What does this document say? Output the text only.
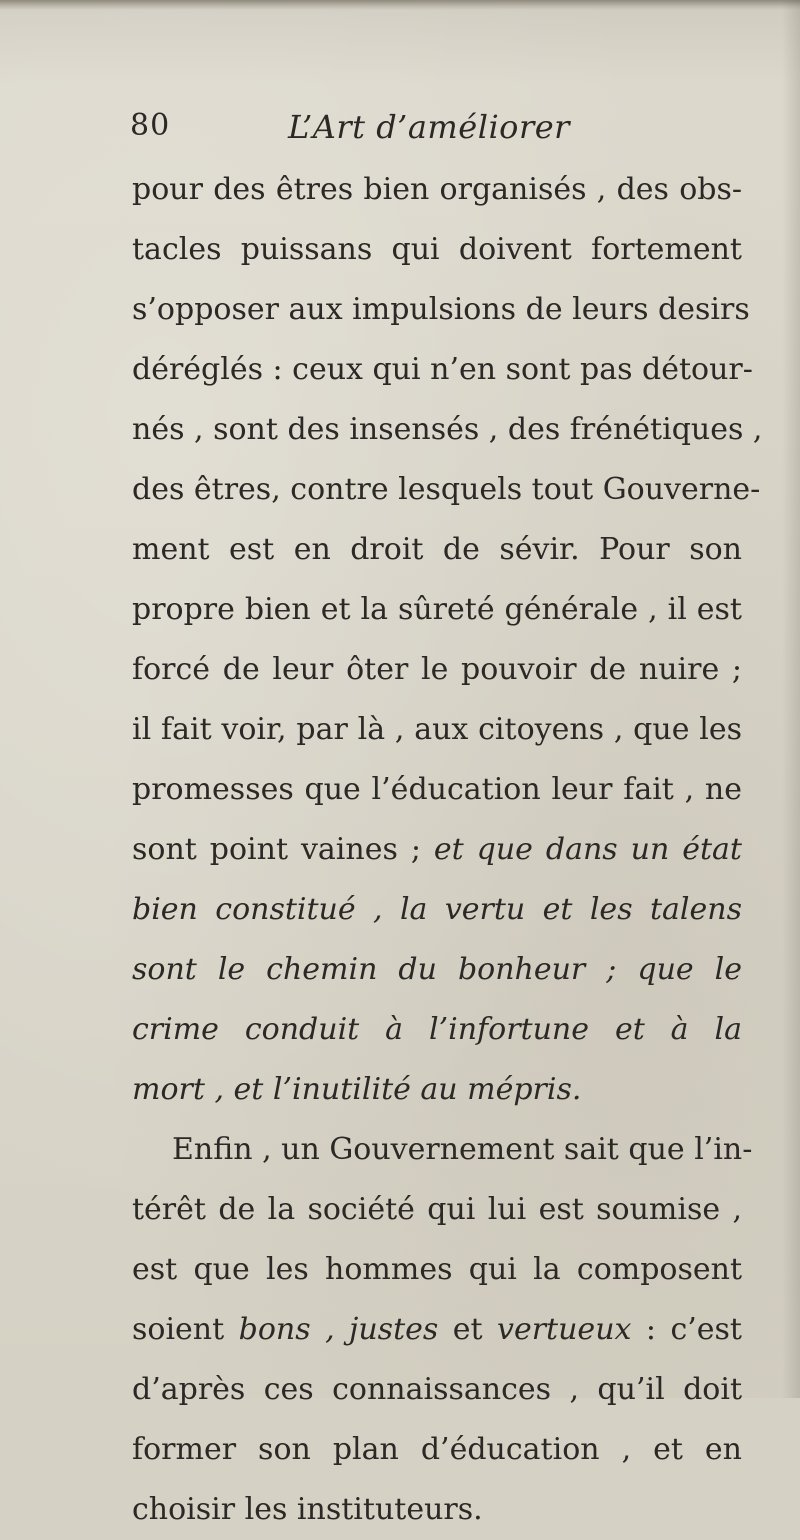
80	L’Art d’améliorer
pour des êtres bien organisés , des obs-
tacles puissans qui doivent fortement
s’opposer aux impulsions de leurs desirs
déréglés : ceux qui n’en sont pas détour-
nés , sont des insensés , des frénétiques ,
des êtres, contre lesquels tout Gouverne-
ment est en droit de sévir. Pour son
propre bien et la sûreté générale , il est
forcé de leur ôter le pouvoir de nuire ;
il fait voir, par là , aux citoyens , que les
promesses que l’éducation leur fait , ne
sont point vaines ; et que dans un état
bien constitué , la vertu et les talens
sont le chemin du bonheur ; que le
crime conduit à l’infortune et à la
mort , et l’inutilité au mépris.
Enfin , un Gouvernement sait que l’in-
térêt de la société qui lui est soumise ,
est que les hommes qui la composent
soient bons , justes et vertueux : c’est
d’après ces connaissances , qu’il doit
former son plan d’éducation , et en
choisir les instituteurs.
